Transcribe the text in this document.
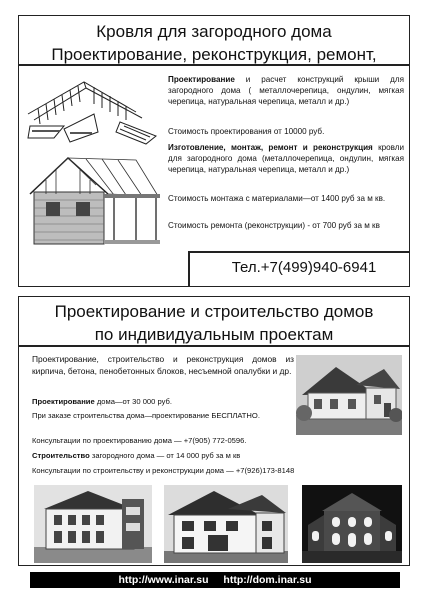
Кровля для загородного дома
Проектирование, реконструкция, ремонт,
Проектирование и расчет конструкций крыши для загородного дома ( металлочерепица, ондулин, мягкая черепица, натуральная черепица, металл и др.)
Стоимость проектирования от 10000 руб.
Изготовление, монтаж, ремонт и реконструкция кровли для загородного дома (металлочерепица, ондулин, мягкая черепица, натуральная черепица, металл и др.)
Стоимость монтажа с материалами—от 1400 руб за м кв.
Стоимость ремонта (реконструкции) - от 700 руб за м кв
Тел.+7(499)940-6941
Проектирование и строительство домов
по индивидуальным проектам
Проектирование, строительство и реконструкция домов из кирпича, бетона, пенобетонных блоков, несъемной опалубки и др.
Проектирование дома—от 30 000 руб.
При заказе строительства дома—проектирование БЕСПЛАТНО.
Консультации по проектированию дома — +7(905) 772-0596.
Строительство загородного дома — от 14 000 руб за м кв
Консультации по строительству и реконструкции дома — +7(926)173-8148
http://www.inar.su http://dom.inar.su
